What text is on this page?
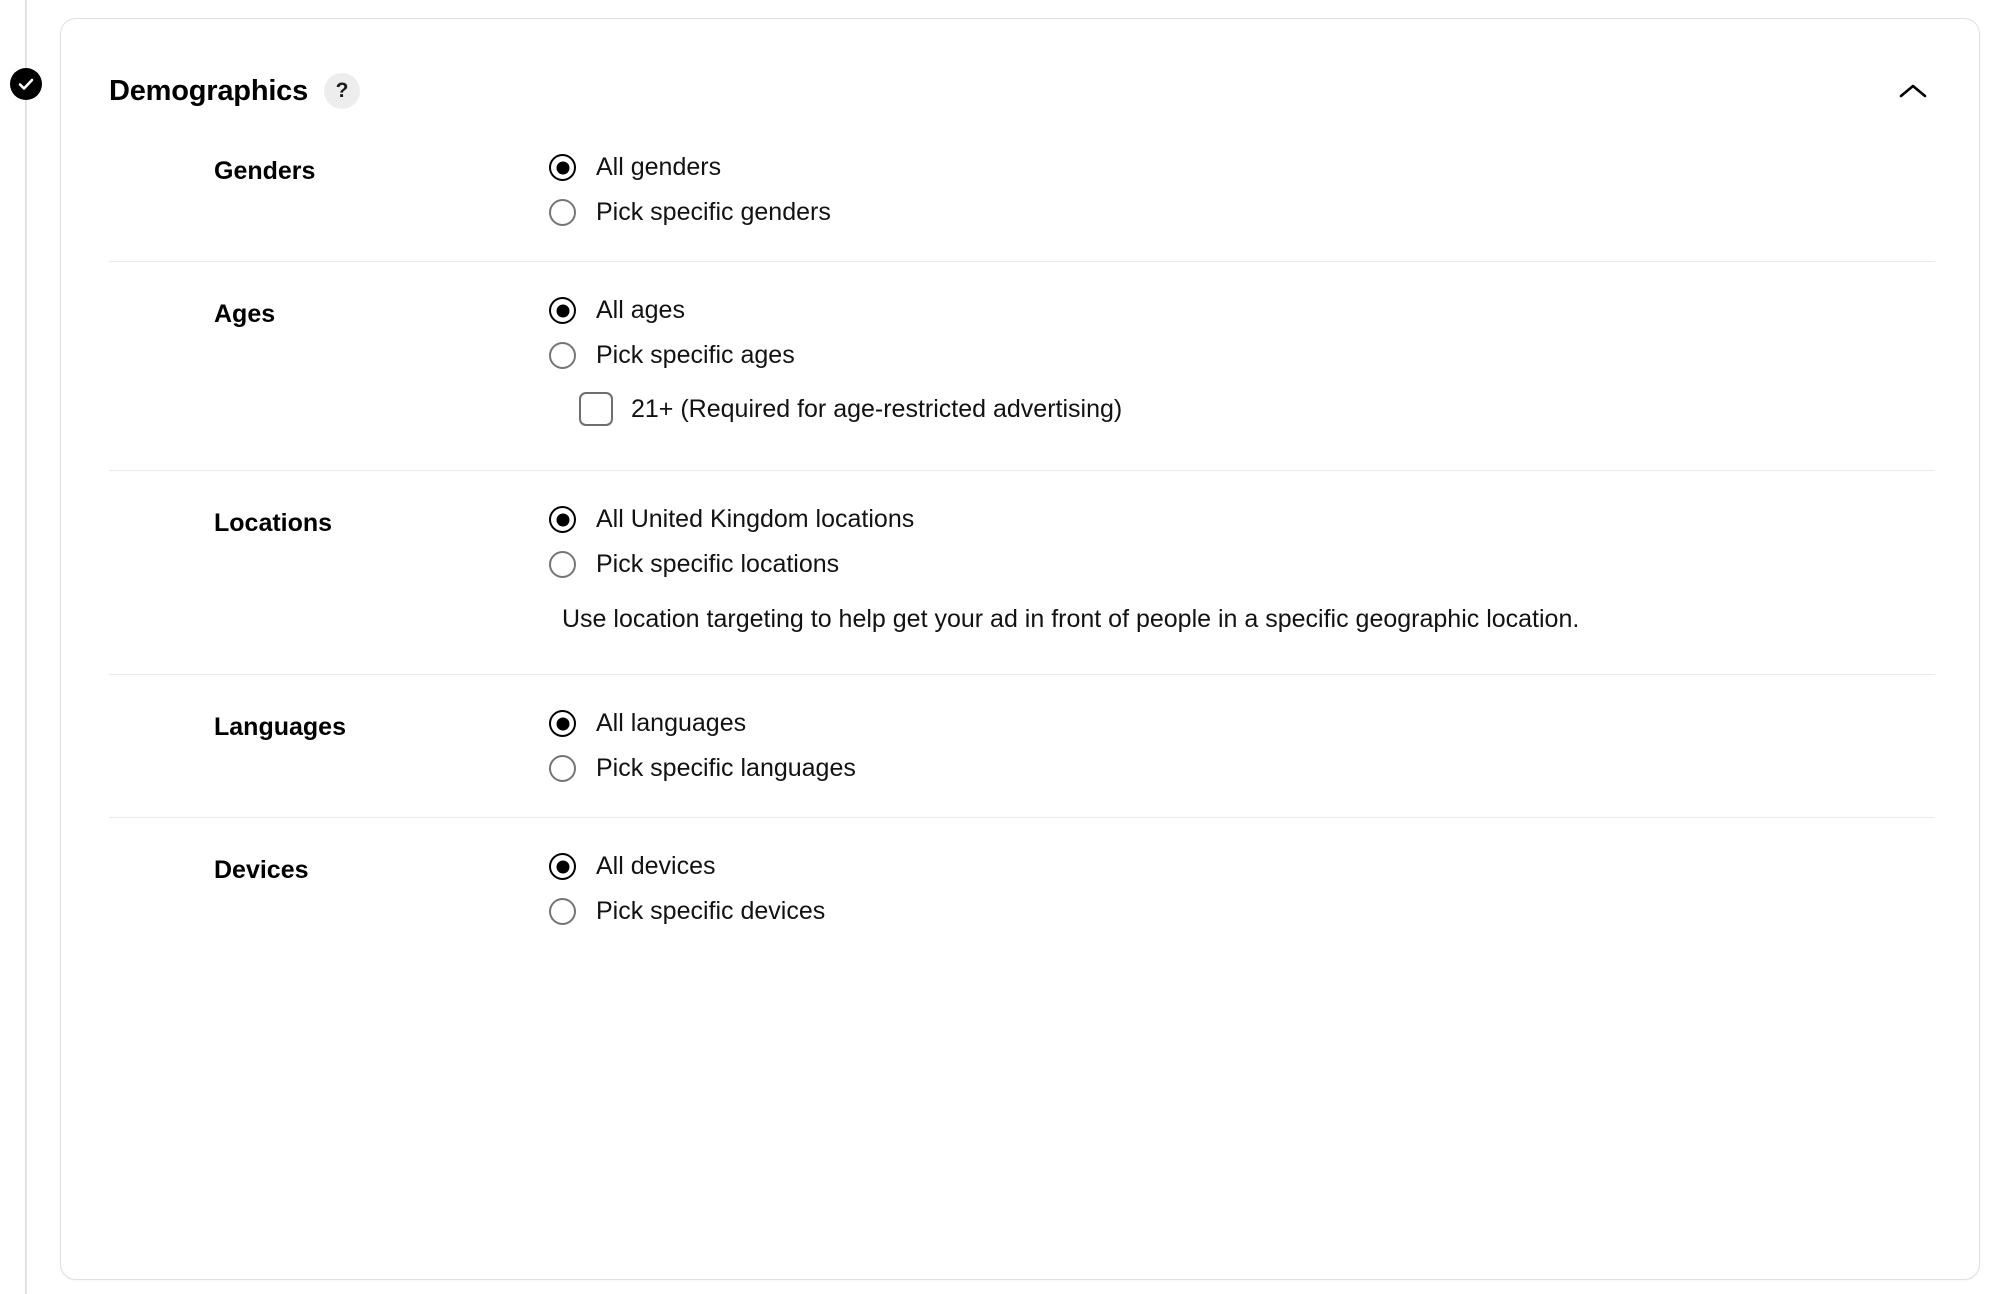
Demographics	?
Genders	All genders
Pick specific genders
Ages	All ages
Pick specific ages
21+ (Required for age-restricted advertising)
Locations	All United Kingdom locations
Pick specific locations
Use location targeting to help get your ad in front of people in a specific geographic location.
Languages	All languages
Pick specific languages
Devices	All devices
Pick specific devices
